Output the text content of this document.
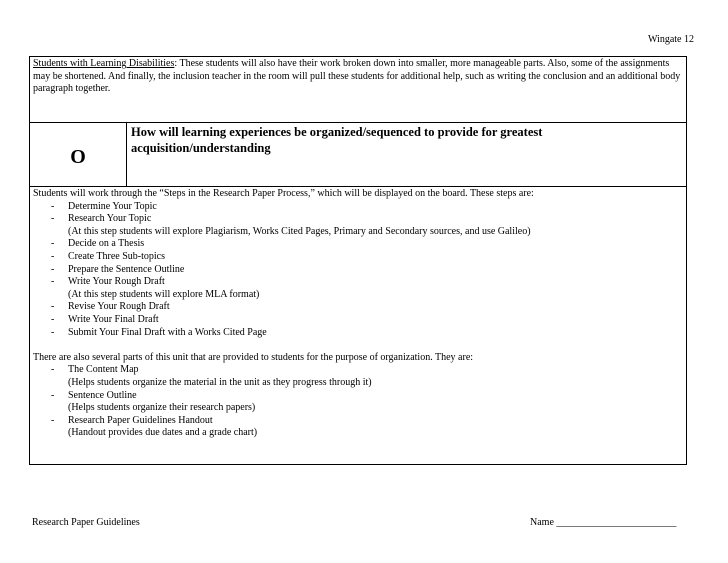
Wingate 12
Students with Learning Disabilities: These students will also have their work broken down into smaller, more manageable parts. Also, some of the assignments may be shortened. And finally, the inclusion teacher in the room will pull these students for additional help, such as writing the conclusion and an additional body paragraph together.
O
How will learning experiences be organized/sequenced to provide for greatest acquisition/understanding
Students will work through the “Steps in the Research Paper Process,” which will be displayed on the board. These steps are:
- Determine Your Topic
- Research Your Topic
(At this step students will explore Plagiarism, Works Cited Pages, Primary and Secondary sources, and use Galileo)
- Decide on a Thesis
- Create Three Sub-topics
- Prepare the Sentence Outline
- Write Your Rough Draft
(At this step students will explore MLA format)
- Revise Your Rough Draft
- Write Your Final Draft
- Submit Your Final Draft with a Works Cited Page
There are also several parts of this unit that are provided to students for the purpose of organization. They are:
- The Content Map
(Helps students organize the material in the unit as they progress through it)
- Sentence Outline
(Helps students organize their research papers)
- Research Paper Guidelines Handout
(Handout provides due dates and a grade chart)
Research Paper Guidelines	Name ________________________
